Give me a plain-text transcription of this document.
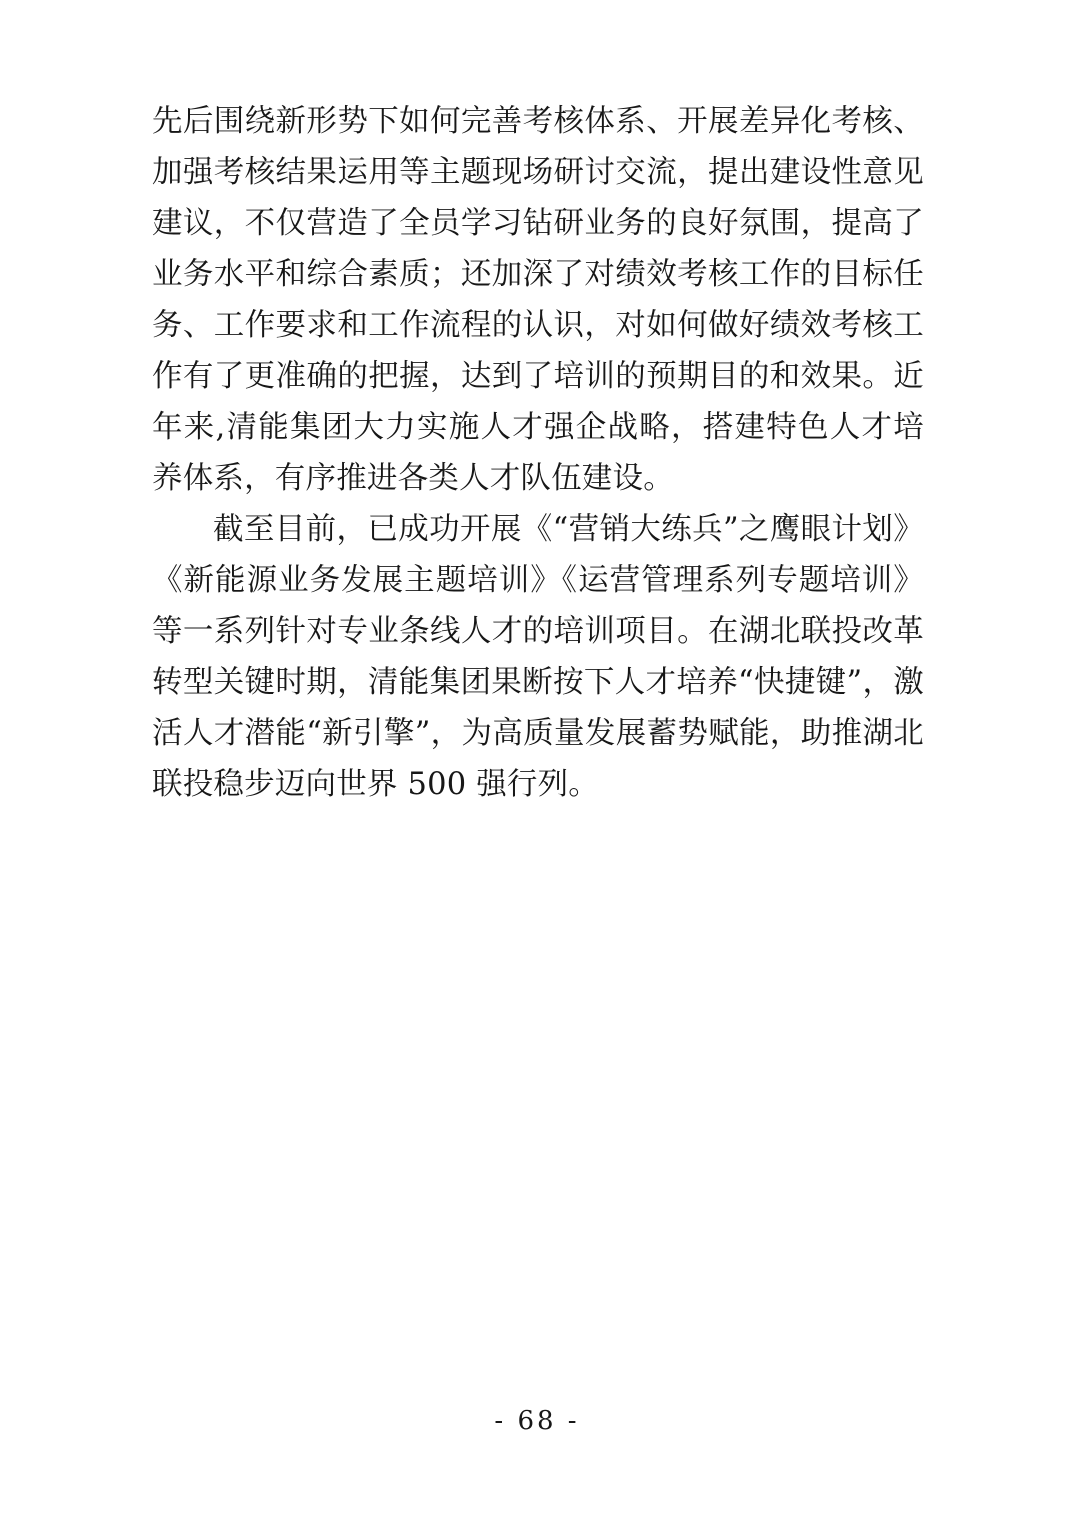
先后围绕新形势下如何完善考核体系、开展差异化考核、加强考核结果运用等主题现场研讨交流，提出建设性意见建议，不仅营造了全员学习钻研业务的良好氛围，提高了业务水平和综合素质；还加深了对绩效考核工作的目标任务、工作要求和工作流程的认识，对如何做好绩效考核工作有了更准确的把握，达到了培训的预期目的和效果。近年来,清能集团大力实施人才强企战略，搭建特色人才培养体系，有序推进各类人才队伍建设。

截至目前，已成功开展《“营销大练兵”之鹰眼计划》《新能源业务发展主题培训》《运营管理系列专题培训》等一系列针对专业条线人才的培训项目。在湖北联投改革转型关键时期，清能集团果断按下人才培养“快捷键”，激活人才潜能“新引擎”，为高质量发展蓄势赋能，助推湖北联投稳步迈向世界 500 强行列。

- 68 -
